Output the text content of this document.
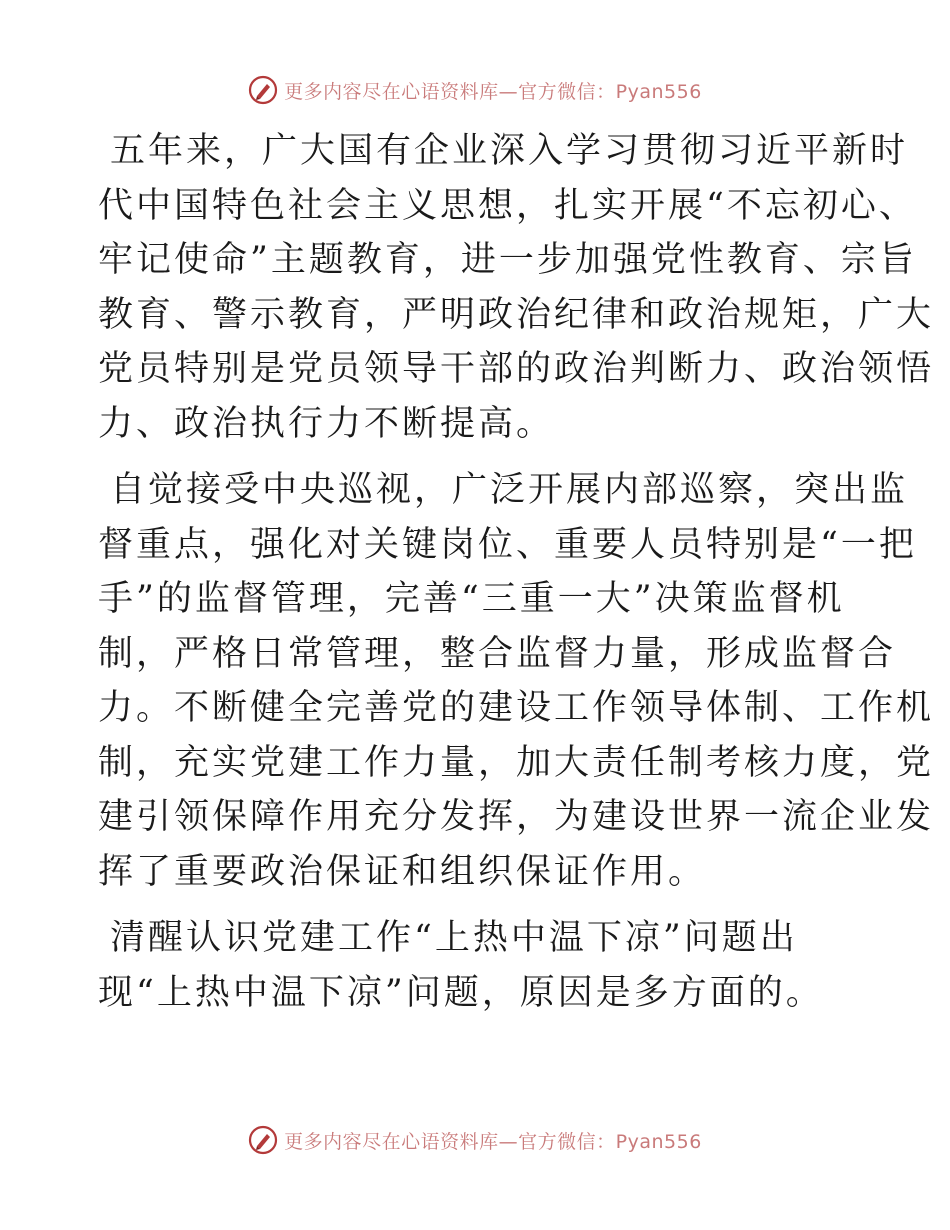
更多内容尽在心语资料库—官方微信：Pyan556
五年来，广大国有企业深入学习贯彻习近平新时
代中国特色社会主义思想，扎实开展“不忘初心、
牢记使命”主题教育，进一步加强党性教育、宗旨
教育、警示教育，严明政治纪律和政治规矩，广大
党员特别是党员领导干部的政治判断力、政治领悟
力、政治执行力不断提高。
自觉接受中央巡视，广泛开展内部巡察，突出监
督重点，强化对关键岗位、重要人员特别是“一把
手”的监督管理，完善“三重一大”决策监督机
制，严格日常管理，整合监督力量，形成监督合
力。不断健全完善党的建设工作领导体制、工作机
制，充实党建工作力量，加大责任制考核力度，党
建引领保障作用充分发挥，为建设世界一流企业发
挥了重要政治保证和组织保证作用。
清醒认识党建工作“上热中温下凉”问题出
现“上热中温下凉”问题，原因是多方面的。
更多内容尽在心语资料库—官方微信：Pyan556
